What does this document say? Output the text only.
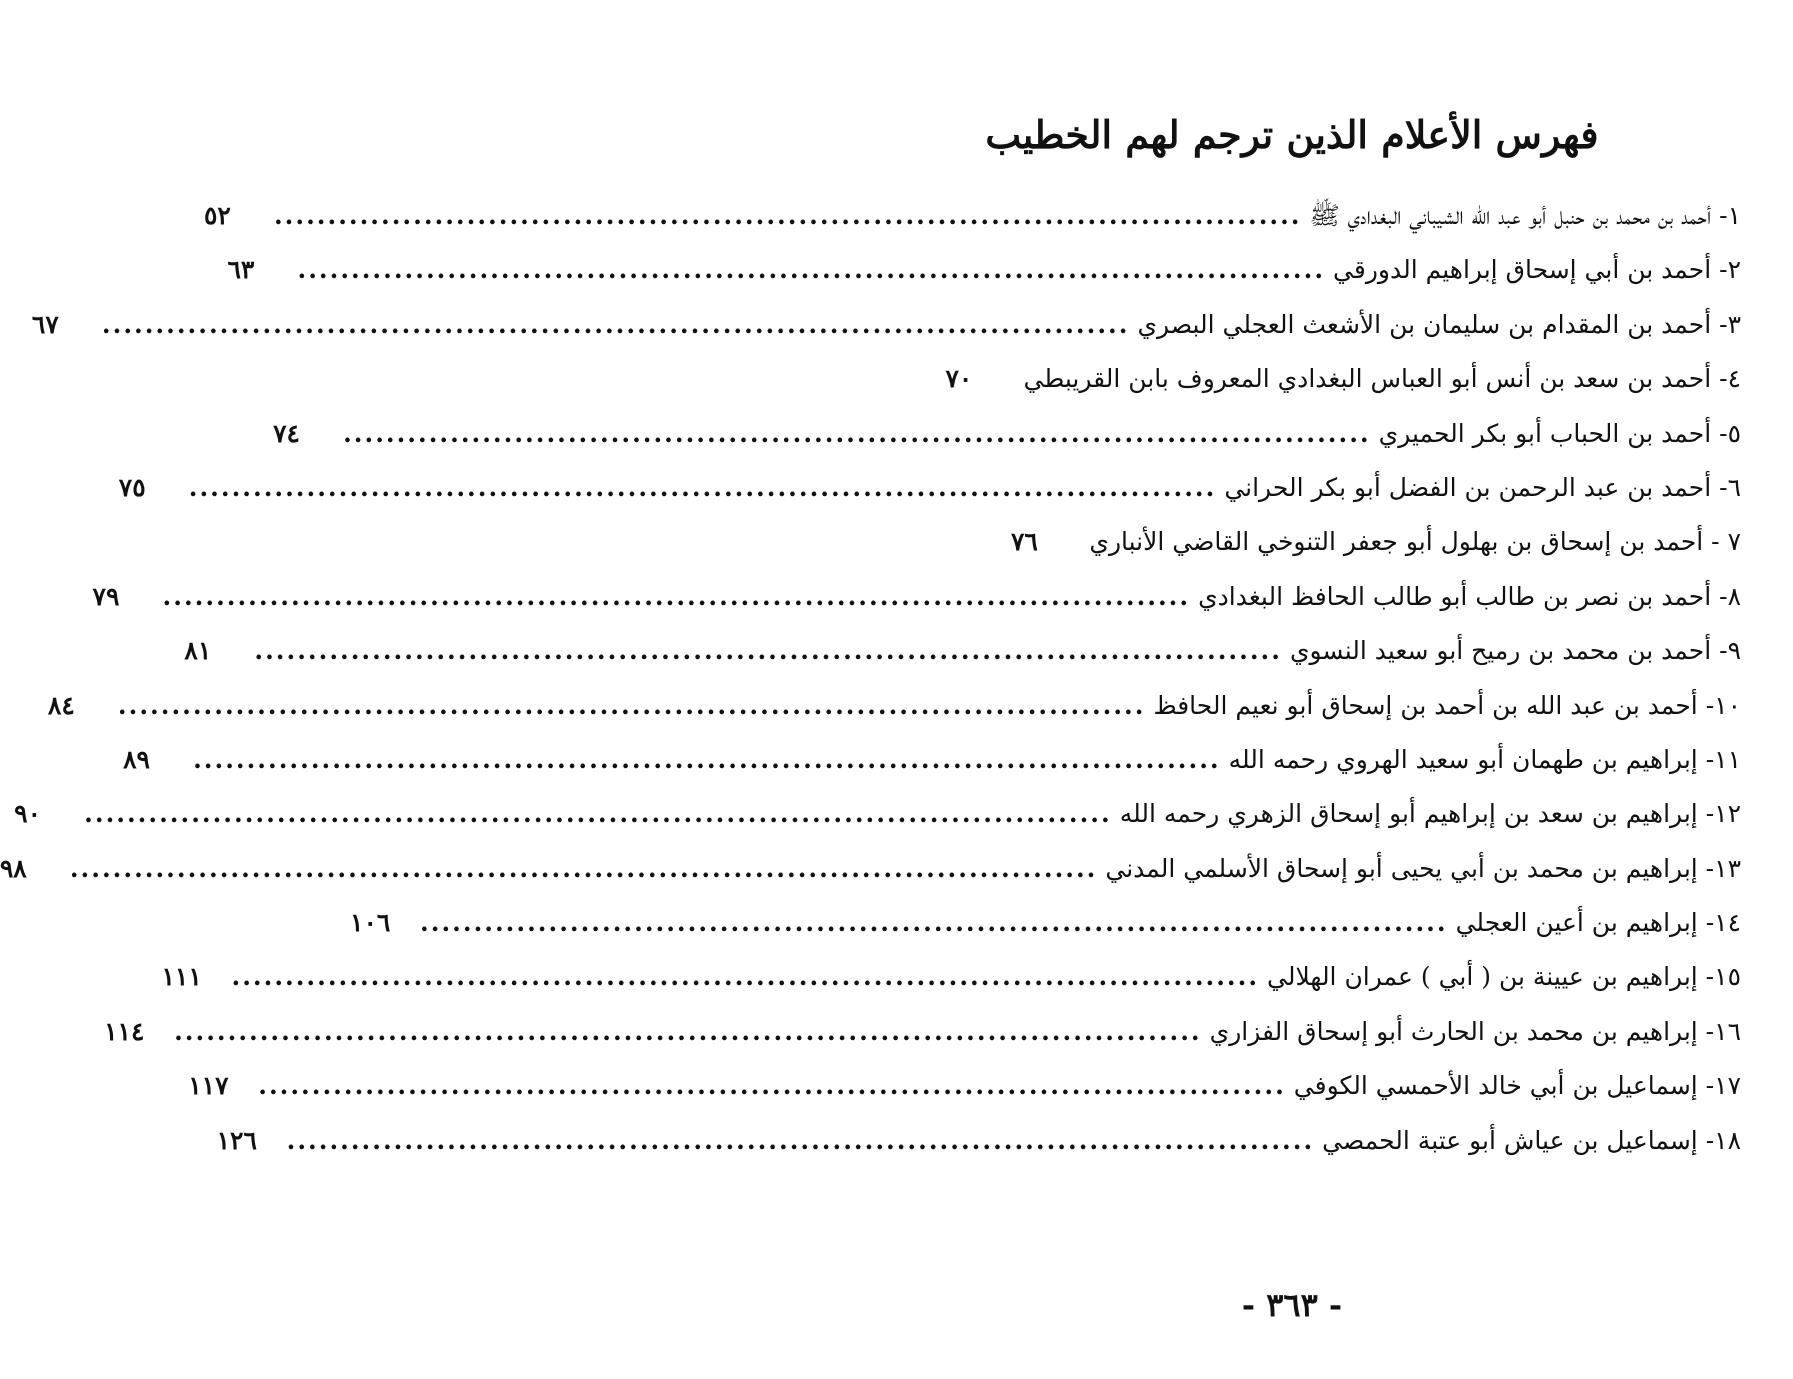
فهرس الأعلام الذين ترجم لهم الخطيب
١- أحمد بن محمد بن حنبل أبو عبد الله الشيباني البغدادي ﷺ
................................................................................................
٥٢
٢- أحمد بن أبي إسحاق إبراهيم الدورقي
................................................................................................
٦٣
٣- أحمد بن المقدام بن سليمان بن الأشعث العجلي البصري
................................................................................................
٦٧
٤- أحمد بن سعد بن أنس أبو العباس البغدادي المعروف بابن القريبطي
٧٠
٥- أحمد بن الحباب أبو بكر الحميري
................................................................................................
٧٤
٦- أحمد بن عبد الرحمن بن الفضل أبو بكر الحراني
................................................................................................
٧٥
٧ - أحمد بن إسحاق بن بهلول أبو جعفر التنوخي القاضي الأنباري
٧٦
٨- أحمد بن نصر بن طالب أبو طالب الحافظ البغدادي
................................................................................................
٧٩
٩- أحمد بن محمد بن رميح أبو سعيد النسوي
................................................................................................
٨١
١٠- أحمد بن عبد الله بن أحمد بن إسحاق أبو نعيم الحافظ
................................................................................................
٨٤
١١- إبراهيم بن طهمان أبو سعيد الهروي رحمه الله
................................................................................................
٨٩
١٢- إبراهيم بن سعد بن إبراهيم أبو إسحاق الزهري رحمه الله
................................................................................................
٩٠
١٣- إبراهيم بن محمد بن أبي يحيى أبو إسحاق الأسلمي المدني
................................................................................................
٩٨
١٤- إبراهيم بن أعين العجلي
................................................................................................
١٠٦
١٥- إبراهيم بن عيينة بن ( أبي ) عمران الهلالي
................................................................................................
١١١
١٦- إبراهيم بن محمد بن الحارث أبو إسحاق الفزاري
................................................................................................
١١٤
١٧- إسماعيل بن أبي خالد الأحمسي الكوفي
................................................................................................
١١٧
١٨- إسماعيل بن عياش أبو عتبة الحمصي
................................................................................................
١٢٦
- ٣٦٣ -
